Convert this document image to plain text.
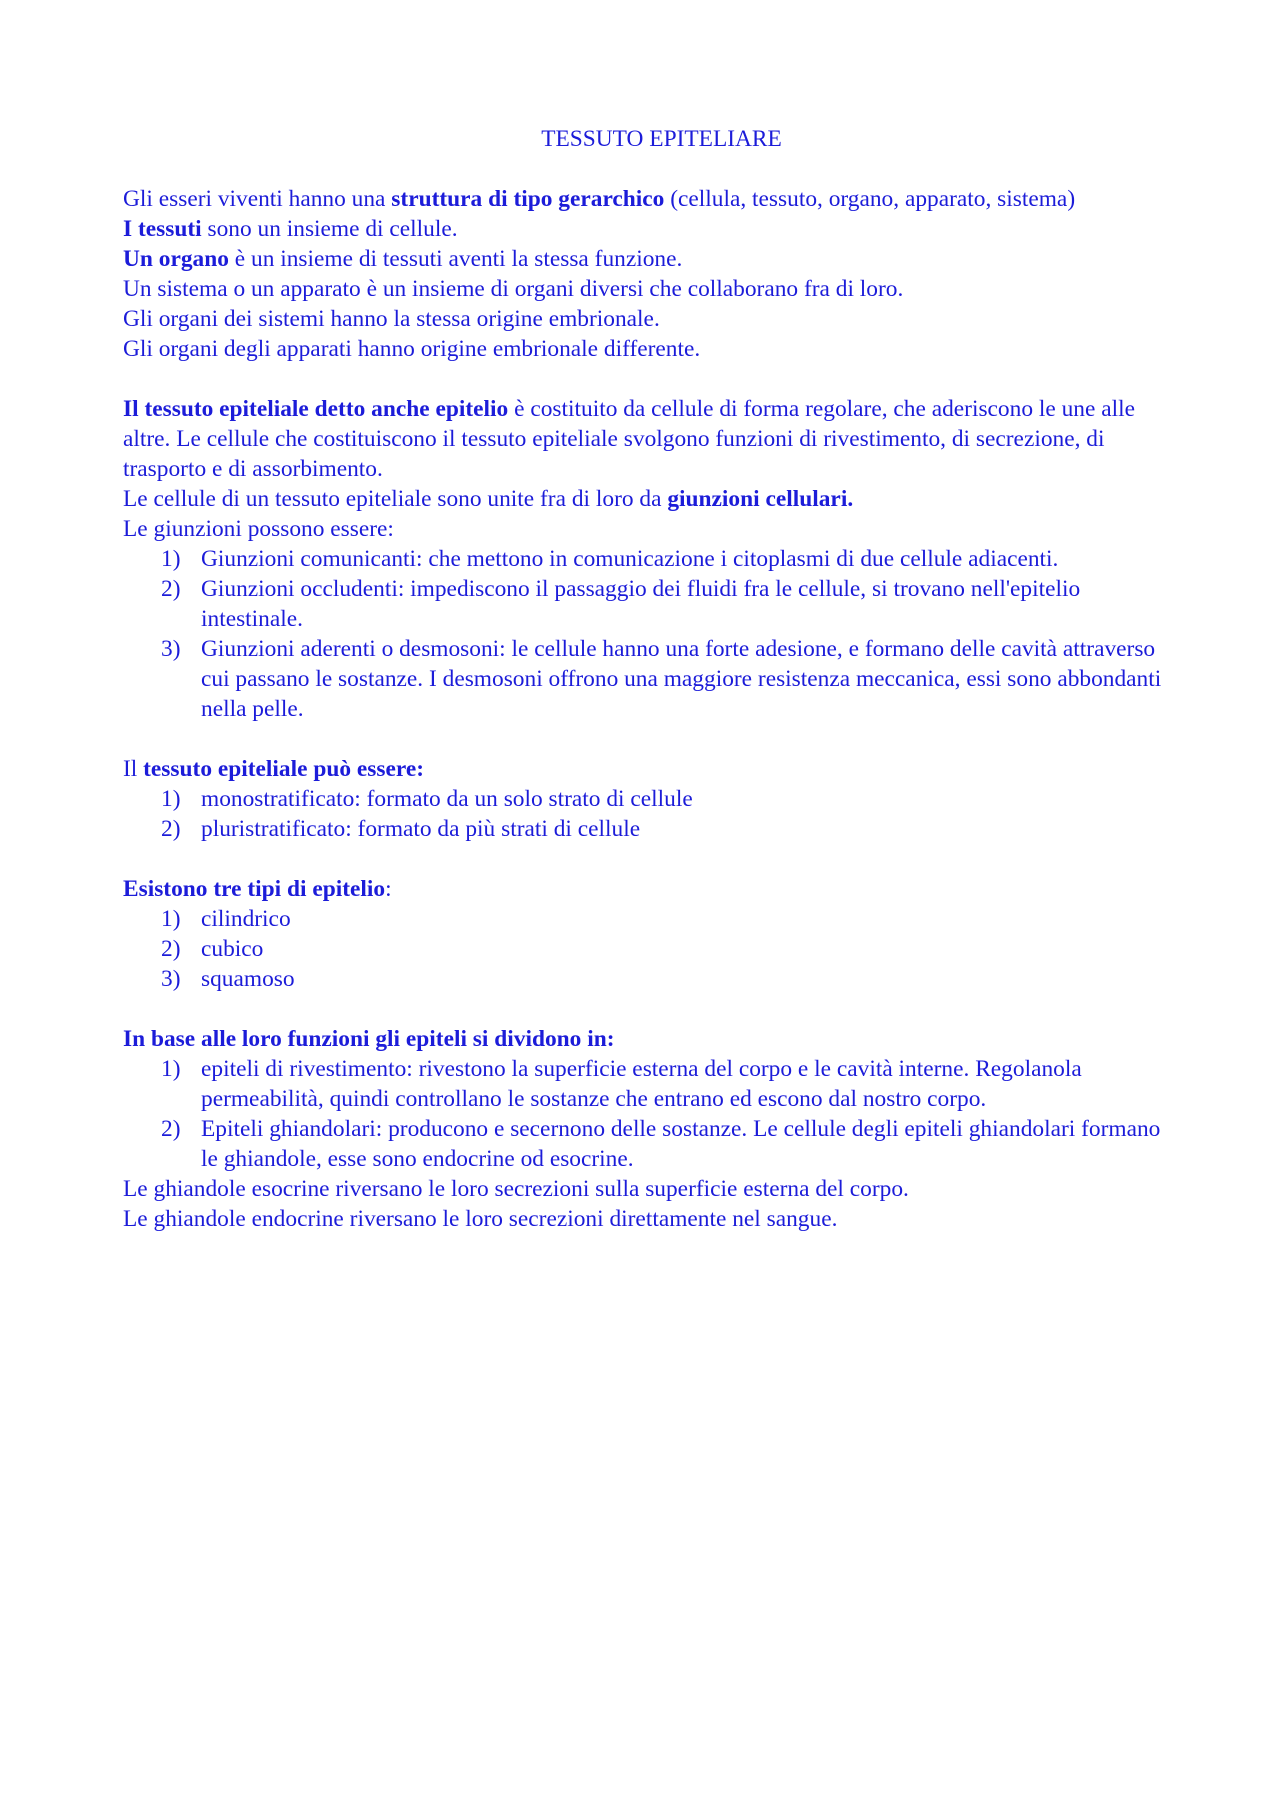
TESSUTO EPITELIARE

Gli esseri viventi hanno una struttura di tipo gerarchico (cellula, tessuto, organo, apparato, sistema)

I tessuti sono un insieme di cellule.

Un organo è un insieme di tessuti aventi la stessa funzione.

Un sistema o un apparato è un insieme di organi diversi che collaborano fra di loro.

Gli organi dei sistemi hanno la stessa origine embrionale.

Gli organi degli apparati hanno origine embrionale differente.

Il tessuto epiteliale detto anche epitelio è costituito da cellule di forma regolare, che aderiscono le une alle altre. Le cellule che costituiscono il tessuto epiteliale svolgono funzioni di rivestimento, di secrezione, di trasporto e di assorbimento.

Le cellule di un tessuto epiteliale sono unite fra di loro da giunzioni cellulari.

Le giunzioni possono essere:

1) Giunzioni comunicanti: che mettono in comunicazione i citoplasmi di due cellule adiacenti.
2) Giunzioni occludenti: impediscono il passaggio dei fluidi fra le cellule, si trovano nell'epitelio intestinale.
3) Giunzioni aderenti o desmosoni: le cellule hanno una forte adesione, e formano delle cavità attraverso cui passano le sostanze. I desmosoni offrono una maggiore resistenza meccanica, essi sono abbondanti nella pelle.

Il tessuto epiteliale può essere:

1) monostratificato: formato da un solo strato di cellule
2) pluristratificato: formato da più strati di cellule

Esistono tre tipi di epitelio:

1) cilindrico
2) cubico
3) squamoso

In base alle loro funzioni gli epiteli si dividono in:

1) epiteli di rivestimento: rivestono la superficie esterna del corpo e le cavità interne. Regolanola permeabilità, quindi controllano le sostanze che entrano ed escono dal nostro corpo.
2) Epiteli ghiandolari: producono e secernono delle sostanze. Le cellule degli epiteli ghiandolari formano le ghiandole, esse sono endocrine od esocrine.

Le ghiandole esocrine riversano le loro secrezioni sulla superficie esterna del corpo.

Le ghiandole endocrine riversano le loro secrezioni direttamente nel sangue.
